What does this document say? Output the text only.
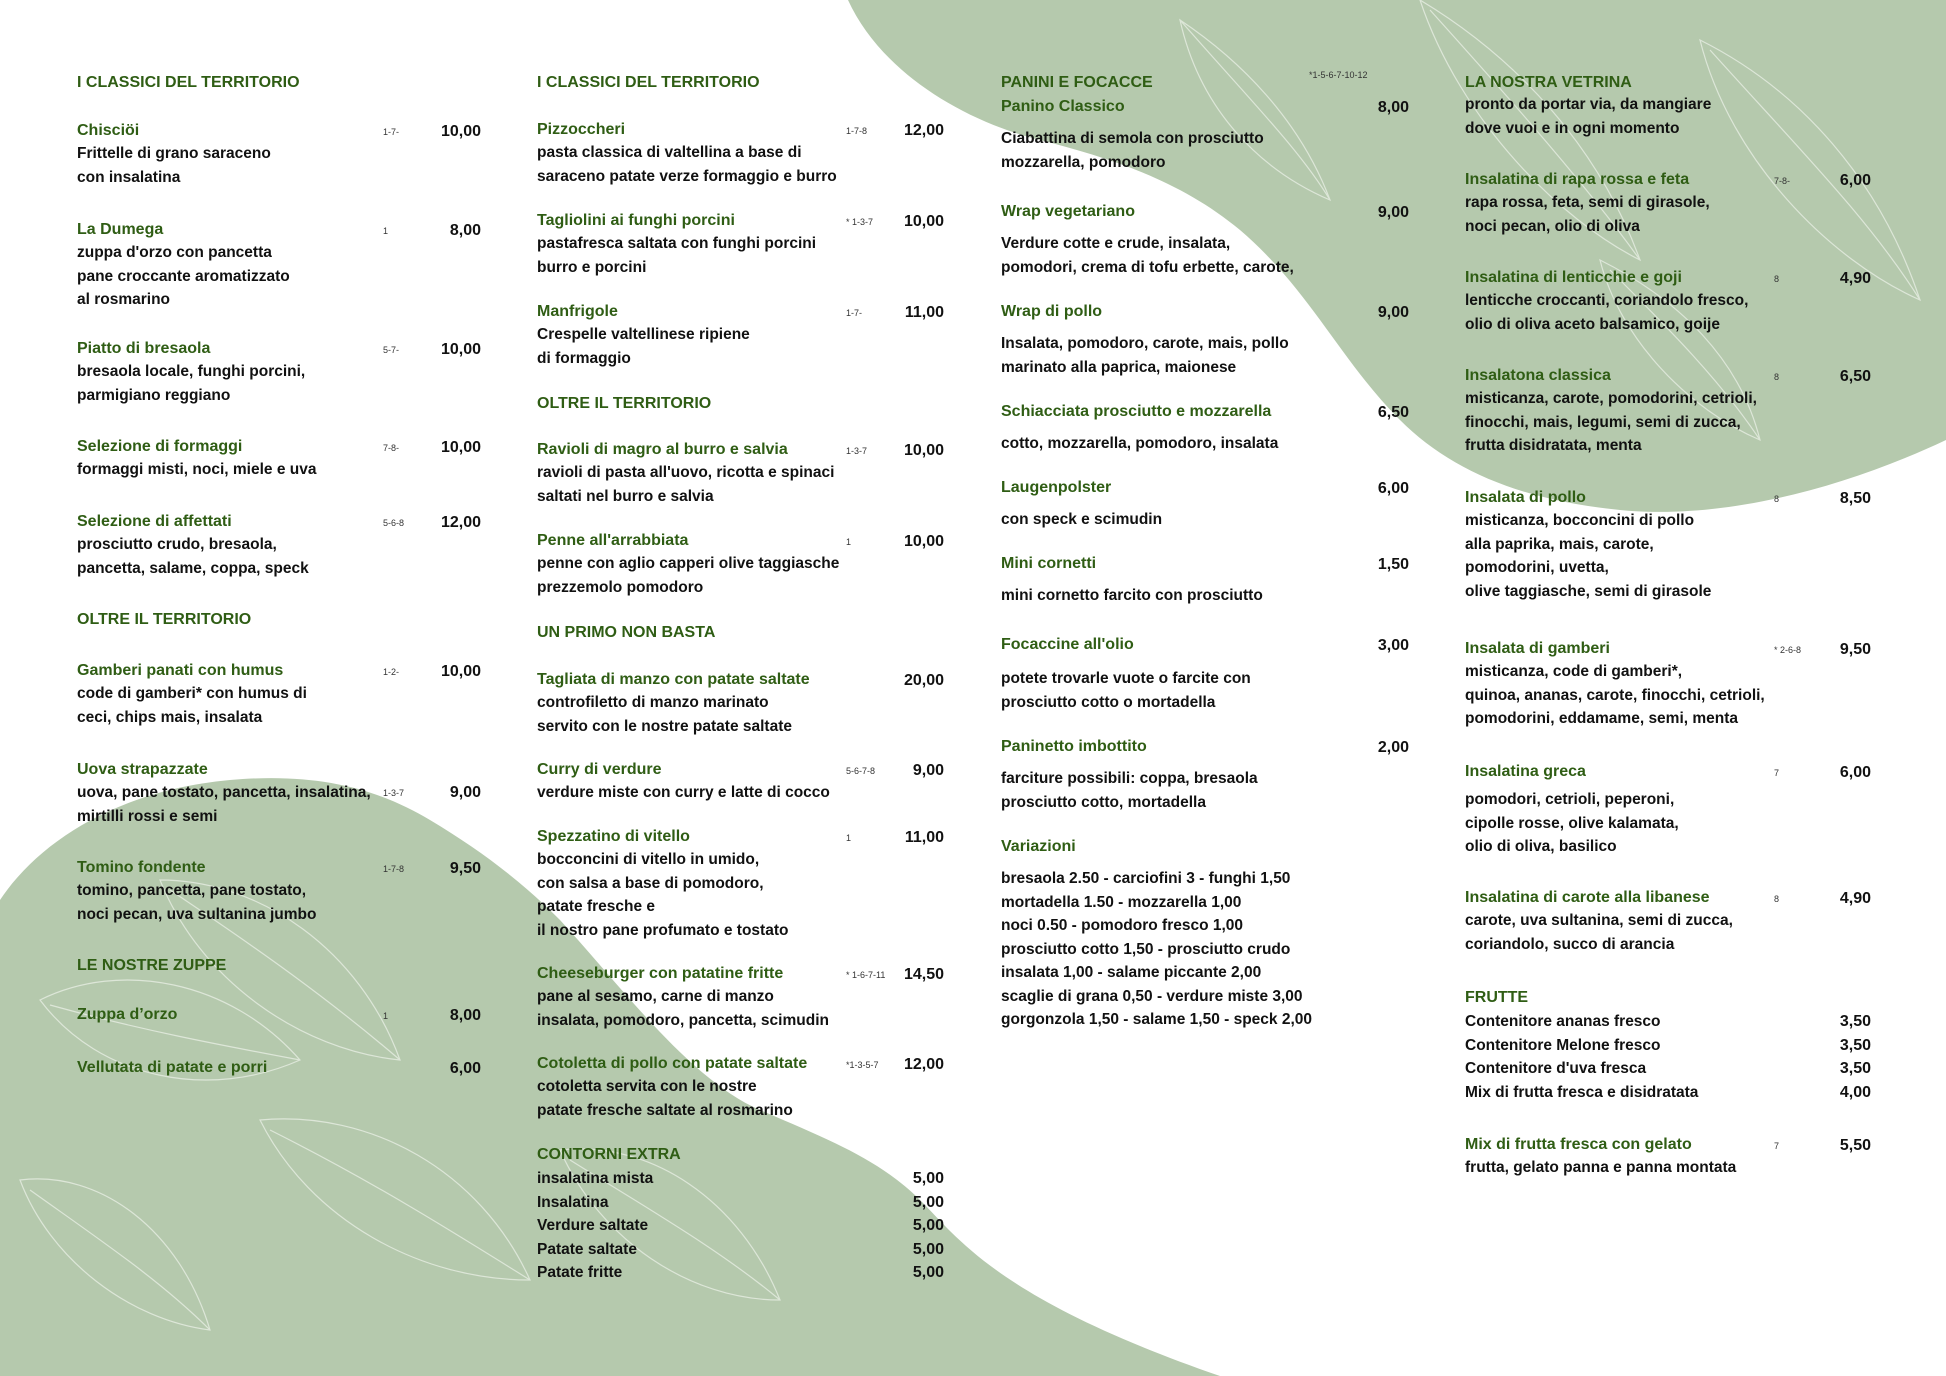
I CLASSICI DEL TERRITORIO
Chisciöi
Frittelle di grano saraceno
con insalatina
1-7-	10,00
La Dumega
zuppa d'orzo con pancetta
pane croccante aromatizzato
al rosmarino
1	8,00
Piatto di bresaola
bresaola locale, funghi porcini,
parmigiano reggiano
5-7-	10,00
Selezione di formaggi
formaggi misti, noci, miele e uva
7-8-	10,00
Selezione di affettati
prosciutto crudo, bresaola,
pancetta, salame, coppa, speck
5-6-8 12,00
OLTRE IL TERRITORIO
Gamberi panati con humus
code di gamberi* con humus di
ceci, chips mais, insalata
1-2-	10,00
Uova strapazzate
uova, pane tostato, pancetta, insalatina,
mirtilli rossi e semi
1-3-7	9,00
Tomino fondente
tomino, pancetta, pane tostato,
noci pecan, uva sultanina jumbo
1-7-8	9,50
LE NOSTRE ZUPPE
Zuppa d’orzo	1	8,00
Vellutata di patate e porri	6,00
I CLASSICI DEL TERRITORIO
Pizzoccheri
pasta classica di valtellina a base di
saraceno patate verze formaggio e burro
1-7-8 12,00
Tagliolini ai funghi porcini
pastafresca saltata con funghi porcini
burro e porcini
* 1-3-7 10,00
Manfrigole
Crespelle valtellinese ripiene
di formaggio
1-7-	11,00
OLTRE IL TERRITORIO
Ravioli di magro al burro e salvia
ravioli di pasta all'uovo, ricotta e spinaci
saltati nel burro e salvia
1-3-7 10,00
Penne all'arrabbiata
penne con aglio capperi olive taggiasche
prezzemolo pomodoro
1	10,00
UN PRIMO NON BASTA
Tagliata di manzo con patate saltate
controfiletto di manzo marinato
servito con le nostre patate saltate
20,00
Curry di verdure
verdure miste con curry e latte di cocco
5-6-7-8 9,00
Spezzatino di vitello
bocconcini di vitello in umido,
con salsa a base di pomodoro,
patate fresche e
il nostro pane profumato e tostato
1	11,00
Cheeseburger con patatine fritte
pane al sesamo, carne di manzo
insalata, pomodoro, pancetta, scimudin
* 1-6-7-11 14,50
Cotoletta di pollo con patate saltate
cotoletta servita con le nostre
patate fresche saltate al rosmarino
*1-3-5-7 12,00
CONTORNI EXTRA
insalatina mista	5,00
Insalatina	5,00
Verdure saltate	5,00
Patate saltate	5,00
Patate fritte	5,00
PANINI E FOCACCE	*1-5-6-7-10-12
Panino Classico
Ciabattina di semola con prosciutto
mozzarella, pomodoro
8,00
Wrap vegetariano
Verdure cotte e crude, insalata,
pomodori, crema di tofu erbette, carote,
9,00
Wrap di pollo
Insalata, pomodoro, carote, mais, pollo
marinato alla paprica, maionese
9,00
Schiacciata prosciutto e mozzarella
cotto, mozzarella, pomodoro, insalata
6,50
Laugenpolster
con speck e scimudin
6,00
Mini cornetti
mini cornetto farcito con prosciutto
1,50
Focaccine all'olio
potete trovarle vuote o farcite con
prosciutto cotto o mortadella
3,00
Paninetto imbottito
farciture possibili: coppa, bresaola
prosciutto cotto, mortadella
2,00
Variazioni
bresaola 2.50 - carciofini 3 - funghi 1,50
mortadella 1.50 - mozzarella 1,00
noci 0.50 - pomodoro fresco 1,00
prosciutto cotto 1,50 - prosciutto crudo
insalata 1,00 - salame piccante 2,00
scaglie di grana 0,50 - verdure miste 3,00
gorgonzola 1,50 - salame 1,50 - speck 2,00
LA NOSTRA VETRINA
pronto da portar via, da mangiare
dove vuoi e in ogni momento
Insalatina di rapa rossa e feta
rapa rossa, feta, semi di girasole,
noci pecan, olio di oliva
7-8-	6,00
Insalatina di lenticchie e goji
lenticche croccanti, coriandolo fresco,
olio di oliva aceto balsamico, goije
8	4,90
Insalatona classica
misticanza, carote, pomodorini, cetrioli,
finocchi, mais, legumi, semi di zucca,
frutta disidratata, menta
8	6,50
Insalata di pollo
misticanza, bocconcini di pollo
alla paprika, mais, carote,
pomodorini, uvetta,
olive taggiasche, semi di girasole
8	8,50
Insalata di gamberi
misticanza, code di gamberi*,
quinoa, ananas, carote, finocchi, cetrioli,
pomodorini, eddamame, semi, menta
* 2-6-8 9,50
Insalatina greca
pomodori, cetrioli, peperoni,
cipolle rosse, olive kalamata,
olio di oliva, basilico
7	6,00
Insalatina di carote alla libanese
carote, uva sultanina, semi di zucca,
coriandolo, succo di arancia
8	4,90
FRUTTE
Contenitore ananas fresco	3,50
Contenitore Melone fresco	3,50
Contenitore d'uva fresca	3,50
Mix di frutta fresca e disidratata	4,00
Mix di frutta fresca con gelato
frutta, gelato panna e panna montata
7	5,50
